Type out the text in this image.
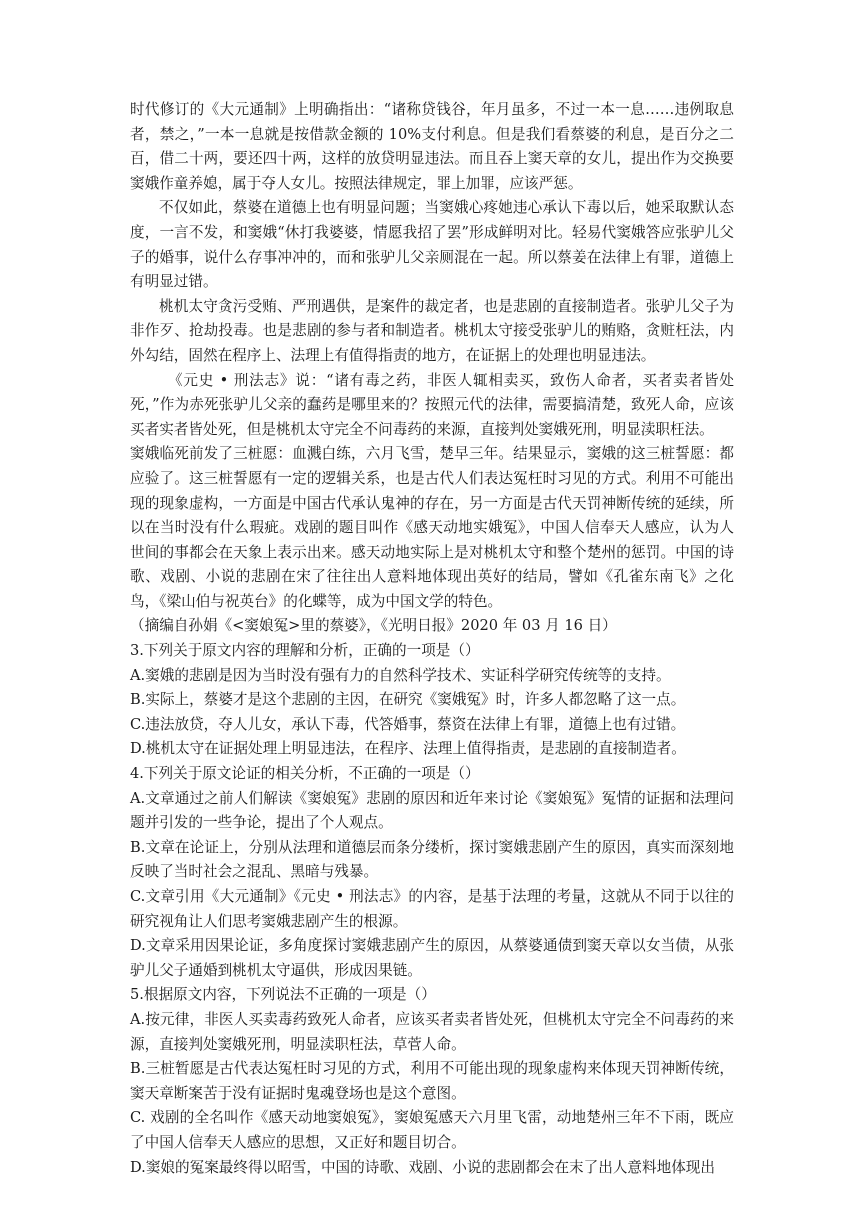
时代修订的《大元通制》上明确指出：“诸称贷钱谷，年月虽多，不过一本一息……违例取息者，禁之，”一本一息就是按借款金额的 10%支付利息。但是我们看蔡婆的利息，是百分之二百，借二十两，要还四十两，这样的放贷明显违法。而且吞上窦天章的女儿，提出作为交换要窦娥作童养媳，属于夺人女儿。按照法律规定，罪上加罪，应该严惩。

不仅如此，蔡婆在道德上也有明显问题；当窦娥心疼她违心承认下毒以后，她采取默认态度，一言不发，和窦娥“休打我婆婆，情愿我招了罢”形成鲜明对比。轻易代窦娥答应张驴儿父子的婚事，说什么存事冲冲的，而和张驴儿父亲厕混在一起。所以蔡姜在法律上有罪，道德上有明显过错。

桃机太守贪污受贿、严刑遇供，是案件的裁定者，也是悲剧的直接制造者。张驴儿父子为非作歹、抢劫投毒。也是悲剧的参与者和制造者。桃机太守接受张驴儿的贿赂，贪赃枉法，内外勾结，固然在程序上、法理上有值得指责的地方，在证据上的处理也明显违法。

《元史 • 刑法志》说：“诸有毒之药，非医人辄相卖买，致伤人命者，买者卖者皆处死，”作为赤死张驴儿父亲的蠢药是哪里来的？按照元代的法律，需要搞清楚，致死人命，应该买者实者皆处死，但是桃机太守完全不问毒药的来源，直接判处窦娥死刑，明显渎职枉法。

窦娥临死前发了三桩愿：血溅白练，六月飞雪，楚早三年。结果显示，窦娥的这三桩誓愿：都应验了。这三桩誓愿有一定的逻辑关系，也是古代人们表达冤枉时习见的方式。利用不可能出现的现象虚构，一方面是中国古代承认鬼神的存在，另一方面是古代天罚神断传统的延续，所以在当时没有什么瑕疵。戏剧的题目叫作《感天动地实娥冤》，中国人信奉天人感应，认为人世间的事都会在天象上表示出来。感天动地实际上是对桃机太守和整个楚州的惩罚。中国的诗歌、戏剧、小说的悲剧在宋了往往出人意料地体现出英好的结局，譬如《孔雀东南飞》之化鸟，《梁山伯与祝英台》的化蝶等，成为中国文学的特色。

（摘编自孙娟《<窦娘冤>里的蔡婆》，《光明日报》2020 年 03 月 16 日）

3.下列关于原文内容的理解和分析，正确的一项是（）

A.窦娥的悲剧是因为当时没有强有力的自然科学技术、实证科学研究传统等的支持。

B.实际上，蔡婆才是这个悲剧的主因，在研究《窦娥冤》时，许多人都忽略了这一点。

C.违法放贷，夺人儿女，承认下毒，代答婚事，蔡资在法律上有罪，道德上也有过错。

D.桃机太守在证据处理上明显违法，在程序、法理上值得指责，是悲剧的直接制造者。

4.下列关于原文论证的相关分析，不正确的一项是（）

A.文章通过之前人们解读《窦娘冤》悲剧的原因和近年来讨论《窦娘冤》冤情的证据和法理问题并引发的一些争论，提出了个人观点。

B.文章在论证上，分别从法理和道德层而条分缕析，探讨窦娥悲剧产生的原因，真实而深刻地反映了当时社会之混乱、黑暗与残暴。

C.文章引用《大元通制》《元史 • 刑法志》的内容，是基于法理的考量，这就从不同于以往的研究视角让人们思考窦娥悲剧产生的根源。

D.文章采用因果论证，多角度探讨窦娥悲剧产生的原因，从蔡婆通债到窦天章以女当债，从张驴儿父子通婚到桃机太守逼供，形成因果链。

5.根据原文内容，下列说法不正确的一项是（）

A.按元律，非医人买卖毒药致死人命者，应该买者卖者皆处死，但桃机太守完全不问毒药的来源，直接判处窦娥死刑，明显渎职枉法，草菅人命。

B.三桩暂愿是古代表达冤枉时习见的方式，利用不可能出现的现象虚构来体现天罚神断传统，窦天章断案苦于没有证据时鬼魂登场也是这个意图。

C. 戏剧的全名叫作《感天动地窦娘冤》，窦娘冤感天六月里飞雷，动地楚州三年不下雨，既应了中国人信奉天人感应的思想，又正好和题目切合。

D.窦娘的冤案最终得以昭雪，中国的诗歌、戏剧、小说的悲剧都会在末了出人意料地体现出
